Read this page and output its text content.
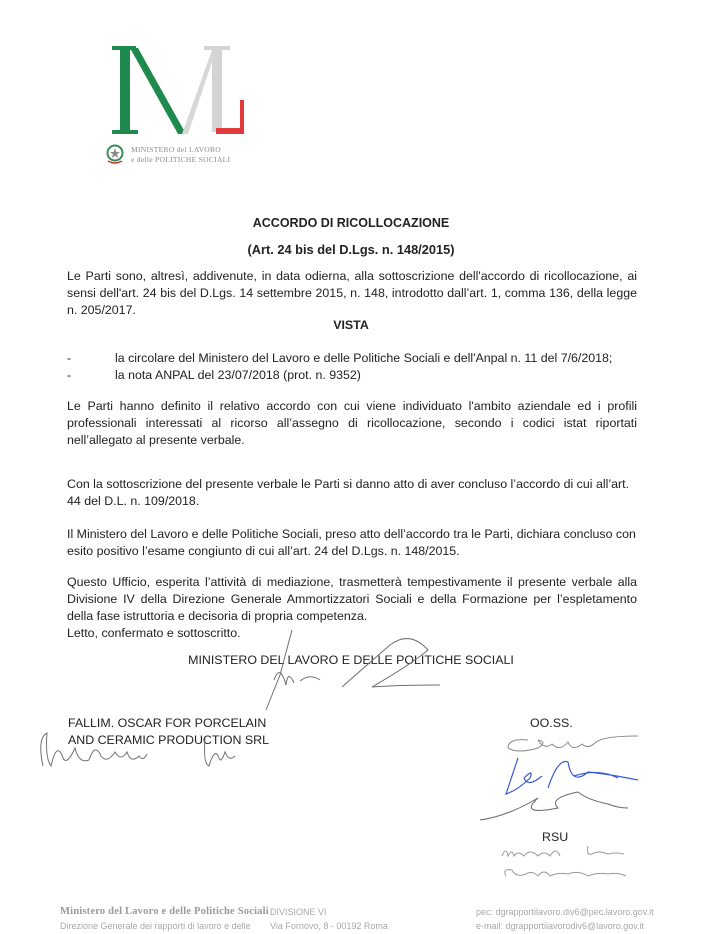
MINISTERO del LAVORO
e delle POLITICHE SOCIALI
ACCORDO DI RICOLLOCAZIONE
(Art. 24 bis del D.Lgs. n. 148/2015)
Le Parti sono, altresì, addivenute, in data odierna, alla sottoscrizione dell'accordo di ricollocazione, ai sensi dell'art. 24 bis del D.Lgs. 14 settembre 2015, n. 148, introdotto dall’art. 1, comma 136, della legge n. 205/2017.
VISTA
-	la circolare del Ministero del Lavoro e delle Politiche Sociali e dell'Anpal n. 11 del 7/6/2018;
-	la nota ANPAL del 23/07/2018 (prot. n. 9352)
Le Parti hanno definito il relativo accordo con cui viene individuato l'ambito aziendale ed i profili professionali interessati al ricorso all’assegno di ricollocazione, secondo i codici istat riportati nell’allegato al presente verbale.
Con la sottoscrizione del presente verbale le Parti si danno atto di aver concluso l’accordo di cui all’art. 44 del D.L. n. 109/2018.
Il Ministero del Lavoro e delle Politiche Sociali, preso atto dell’accordo tra le Parti, dichiara concluso con esito positivo l’esame congiunto di cui all’art. 24 del D.Lgs. n. 148/2015.
Questo Ufficio, esperita l’attività di mediazione, trasmetterà tempestivamente il presente verbale alla Divisione IV della Direzione Generale Ammortizzatori Sociali e della Formazione per l’espletamento della fase istruttoria e decisoria di propria competenza.
Letto, confermato e sottoscritto.
MINISTERO DEL LAVORO E DELLE POLITICHE SOCIALI
FALLIM. OSCAR FOR PORCELAIN
AND CERAMIC PRODUCTION SRL
OO.SS.
RSU
Ministero del Lavoro e delle Politiche Sociali DIVISIONE VI
Direzione Generale dei rapporti di lavoro e delle Via Fornovo, 8 - 00192 Roma
pec: dgrapportilavoro.div6@pec.lavoro.gov.it
e-mail: dgrapportilavorodiv6@lavoro.gov.it
